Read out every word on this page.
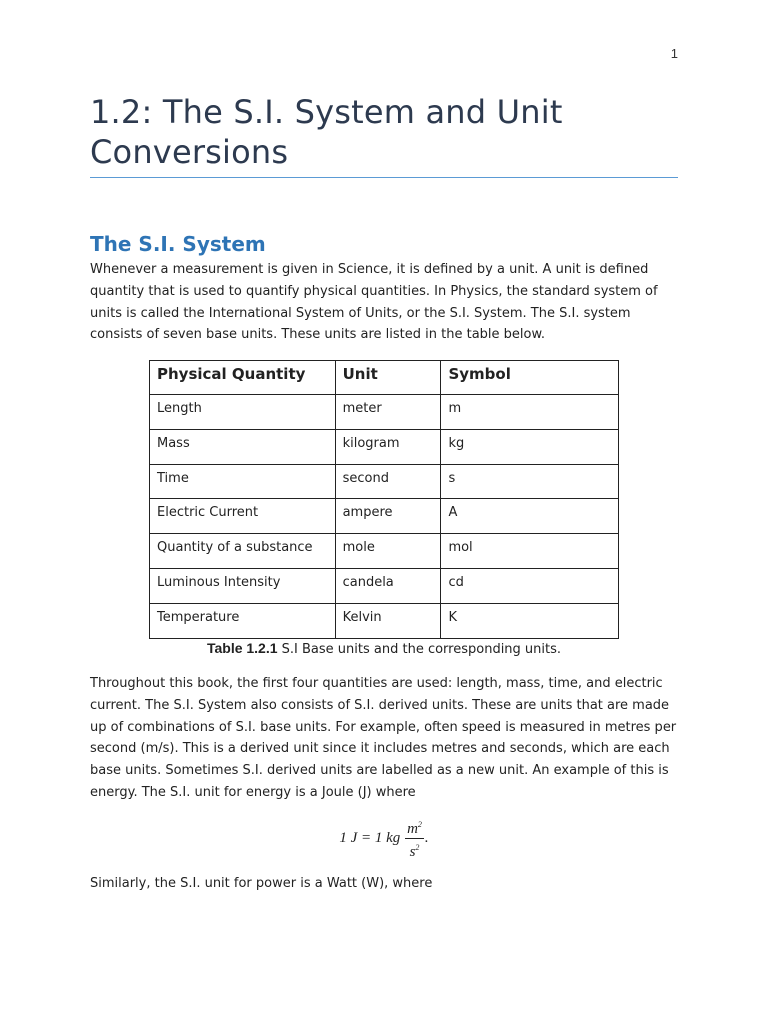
1
1.2: The S.I. System and Unit Conversions
The S.I. System

Whenever a measurement is given in Science, it is defined by a unit. A unit is defined quantity that is used to quantify physical quantities. In Physics, the standard system of units is called the International System of Units, or the S.I. System. The S.I. system consists of seven base units. These units are listed in the table below.

Physical Quantity	Unit	Symbol
Length	meter	m
Mass	kilogram	kg
Time	second	s
Electric Current	ampere	A
Quantity of a substance	mole	mol
Luminous Intensity	candela	cd
Temperature	Kelvin	K
Table 1.2.1 S.I Base units and the corresponding units.

Throughout this book, the first four quantities are used: length, mass, time, and electric current. The S.I. System also consists of S.I. derived units. These are units that are made up of combinations of S.I. base units. For example, often speed is measured in metres per second (m/s). This is a derived unit since it includes metres and seconds, which are each base units. Sometimes S.I. derived units are labelled as a new unit. An example of this is energy. The S.I. unit for energy is a Joule (J) where

1 J = 1 kg $\frac{m^2}{s^2}$ .

Similarly, the S.I. unit for power is a Watt (W), where
